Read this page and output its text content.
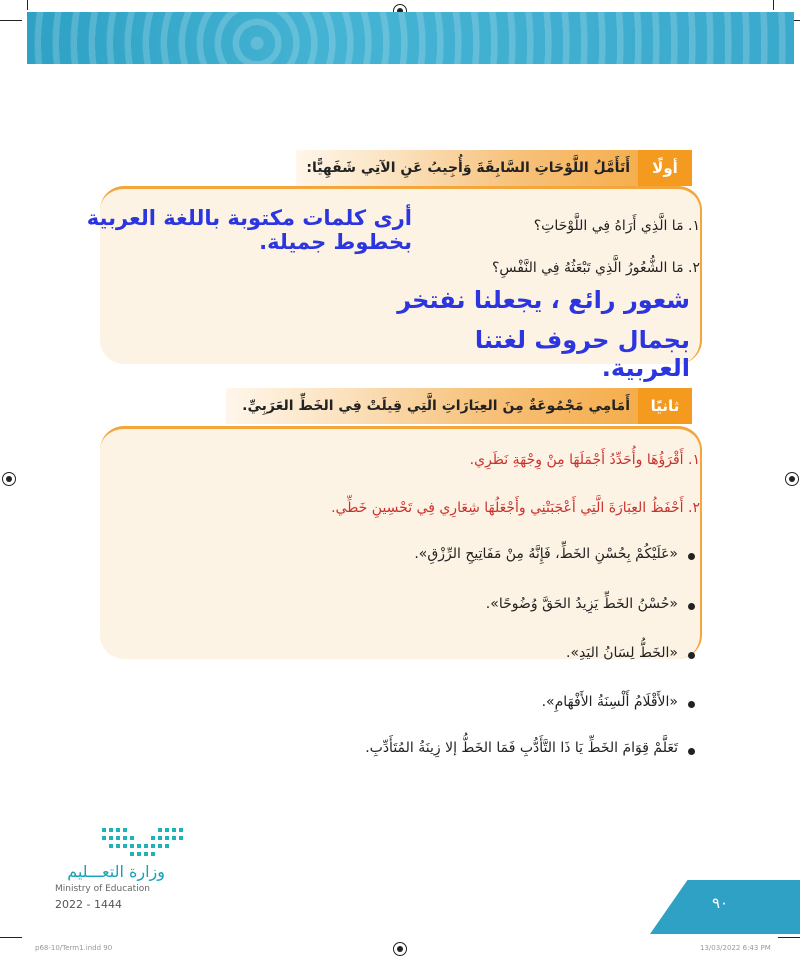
أولًا
أَتَأَمَّلُ اللَّوْحَاتِ السَّابِقَةَ وَأُجِيبُ عَنِ الآتِي شَفَهِيًّا:
١. مَا الَّذِي أَرَاهُ فِي اللَّوْحَاتِ؟
أرى كلمات مكتوبة باللغة العربية بخطوط جميلة.
٢. مَا الشُّعُورُ الَّذِي تَبْعَثُهُ فِي النَّفْسِ؟
شعور رائع ، يجعلنا نفتخر
بجمال حروف لغتنا العربية.
ثانيًا
أَمَامِي مَجْمُوعَةٌ مِنَ العِبَارَاتِ الَّتِي قِيلَتْ فِي الخَطِّ العَرَبِيِّ.
١. أَقْرَؤُهَا وأُحَدِّدُ أَجْمَلَهَا مِنْ وِجْهَةِ نَظَرِي.
٢. أَحْفَظُ العِبَارَةَ الَّتِي أَعْجَبَتْنِي وأَجْعَلُهَا شِعَارِي فِي تَحْسِينِ خَطِّي.
«عَلَيْكُمْ بِحُسْنِ الخَطِّ، فَإِنَّهُ مِنْ مَفَاتِيحِ الرِّزْقِ».
«حُسْنُ الخَطِّ يَزِيدُ الحَقَّ وُضُوحًا».
«الخَطُّ لِسَانُ اليَدِ».
«الأَقْلَامُ أَلْسِنَةُ الأَفْهَامِ».
تَعَلَّمْ قِوَامَ الخَطِّ يَا ذَا التَّأَدُّبِ فَمَا الخَطُّ إلا زِينَةُ المُتَأَدِّبِ.
وزارة التعـــليم
Ministry of Education
2022 - 1444	٩٠
p68-10/Term1.indd 90	13/03/2022 6:43 PM
